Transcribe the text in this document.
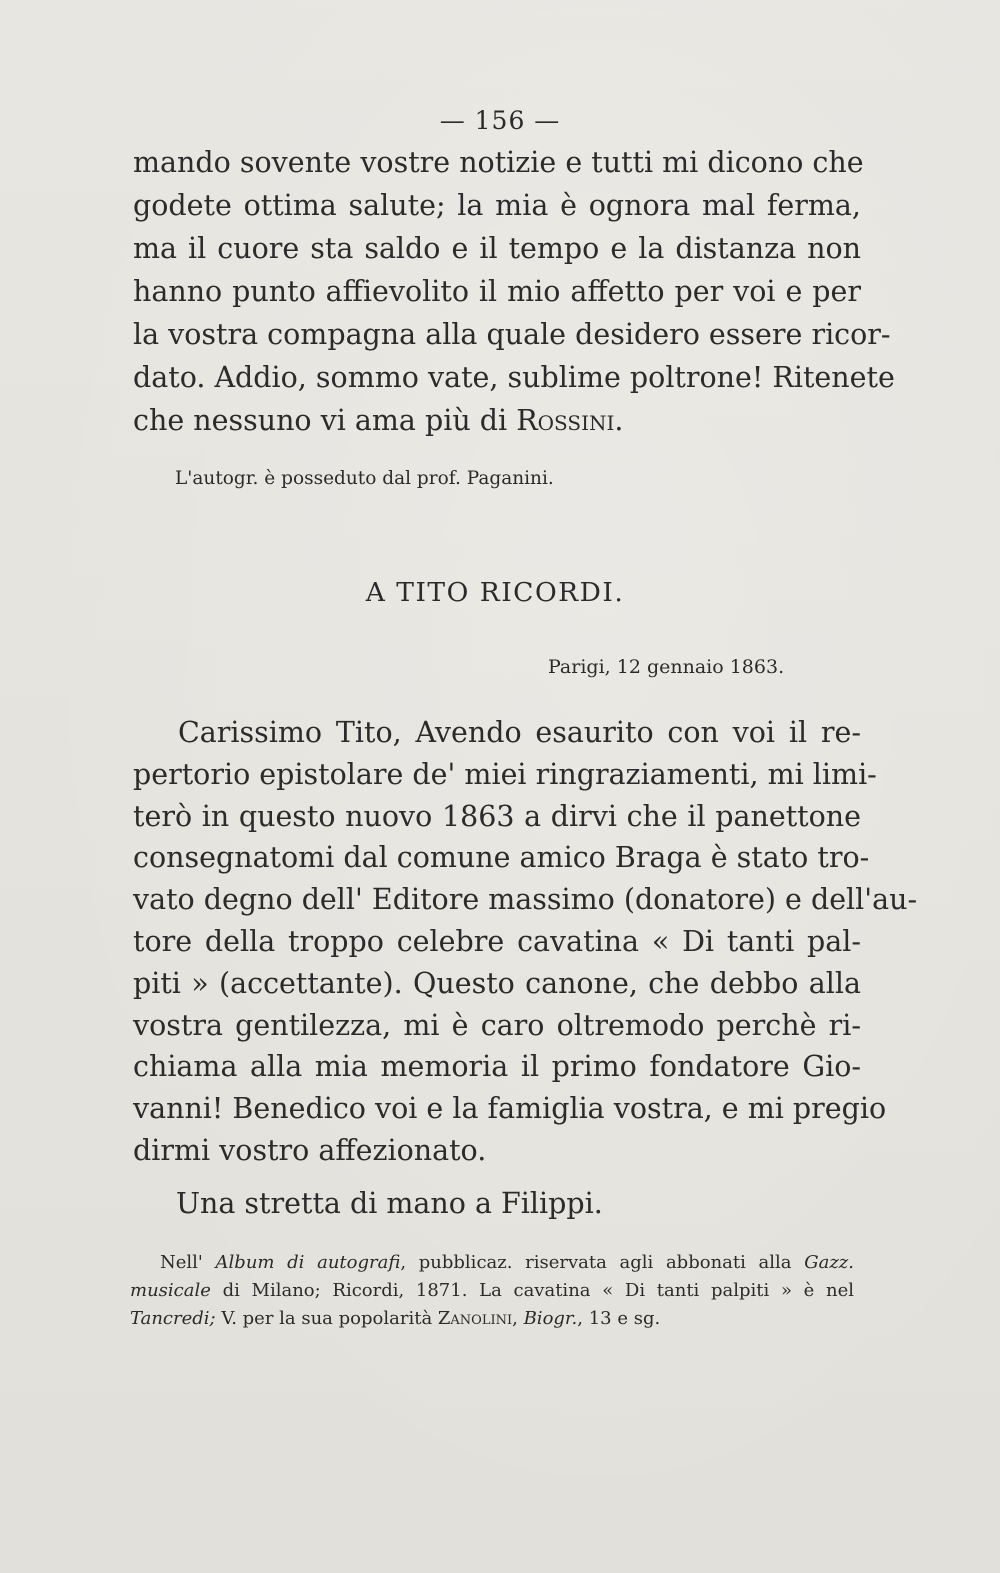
— 156 —
mando sovente vostre notizie e tutti mi dicono che
godete ottima salute; la mia è ognora mal ferma,
ma il cuore sta saldo e il tempo e la distanza non
hanno punto affievolito il mio affetto per voi e per
la vostra compagna alla quale desidero essere ricor-
dato. Addio, sommo vate, sublime poltrone! Ritenete
che nessuno vi ama più di Rossini.
L'autogr. è posseduto dal prof. Paganini.
A TITO RICORDI.
Parigi, 12 gennaio 1863.
Carissimo Tito, Avendo esaurito con voi il re-
pertorio epistolare de' miei ringraziamenti, mi limi-
terò in questo nuovo 1863 a dirvi che il panettone
consegnatomi dal comune amico Braga è stato tro-
vato degno dell' Editore massimo (donatore) e dell'au-
tore della troppo celebre cavatina « Di tanti pal-
piti » (accettante). Questo canone, che debbo alla
vostra gentilezza, mi è caro oltremodo perchè ri-
chiama alla mia memoria il primo fondatore Gio-
vanni! Benedico voi e la famiglia vostra, e mi pregio
dirmi vostro affezionato.
Una stretta di mano a Filippi.
Nell' Album di autografi, pubblicaz. riservata agli abbonati alla Gazz.
musicale di Milano; Ricordi, 1871. La cavatina « Di tanti palpiti » è nel
Tancredi; V. per la sua popolarità Zanolini, Biogr., 13 e sg.
